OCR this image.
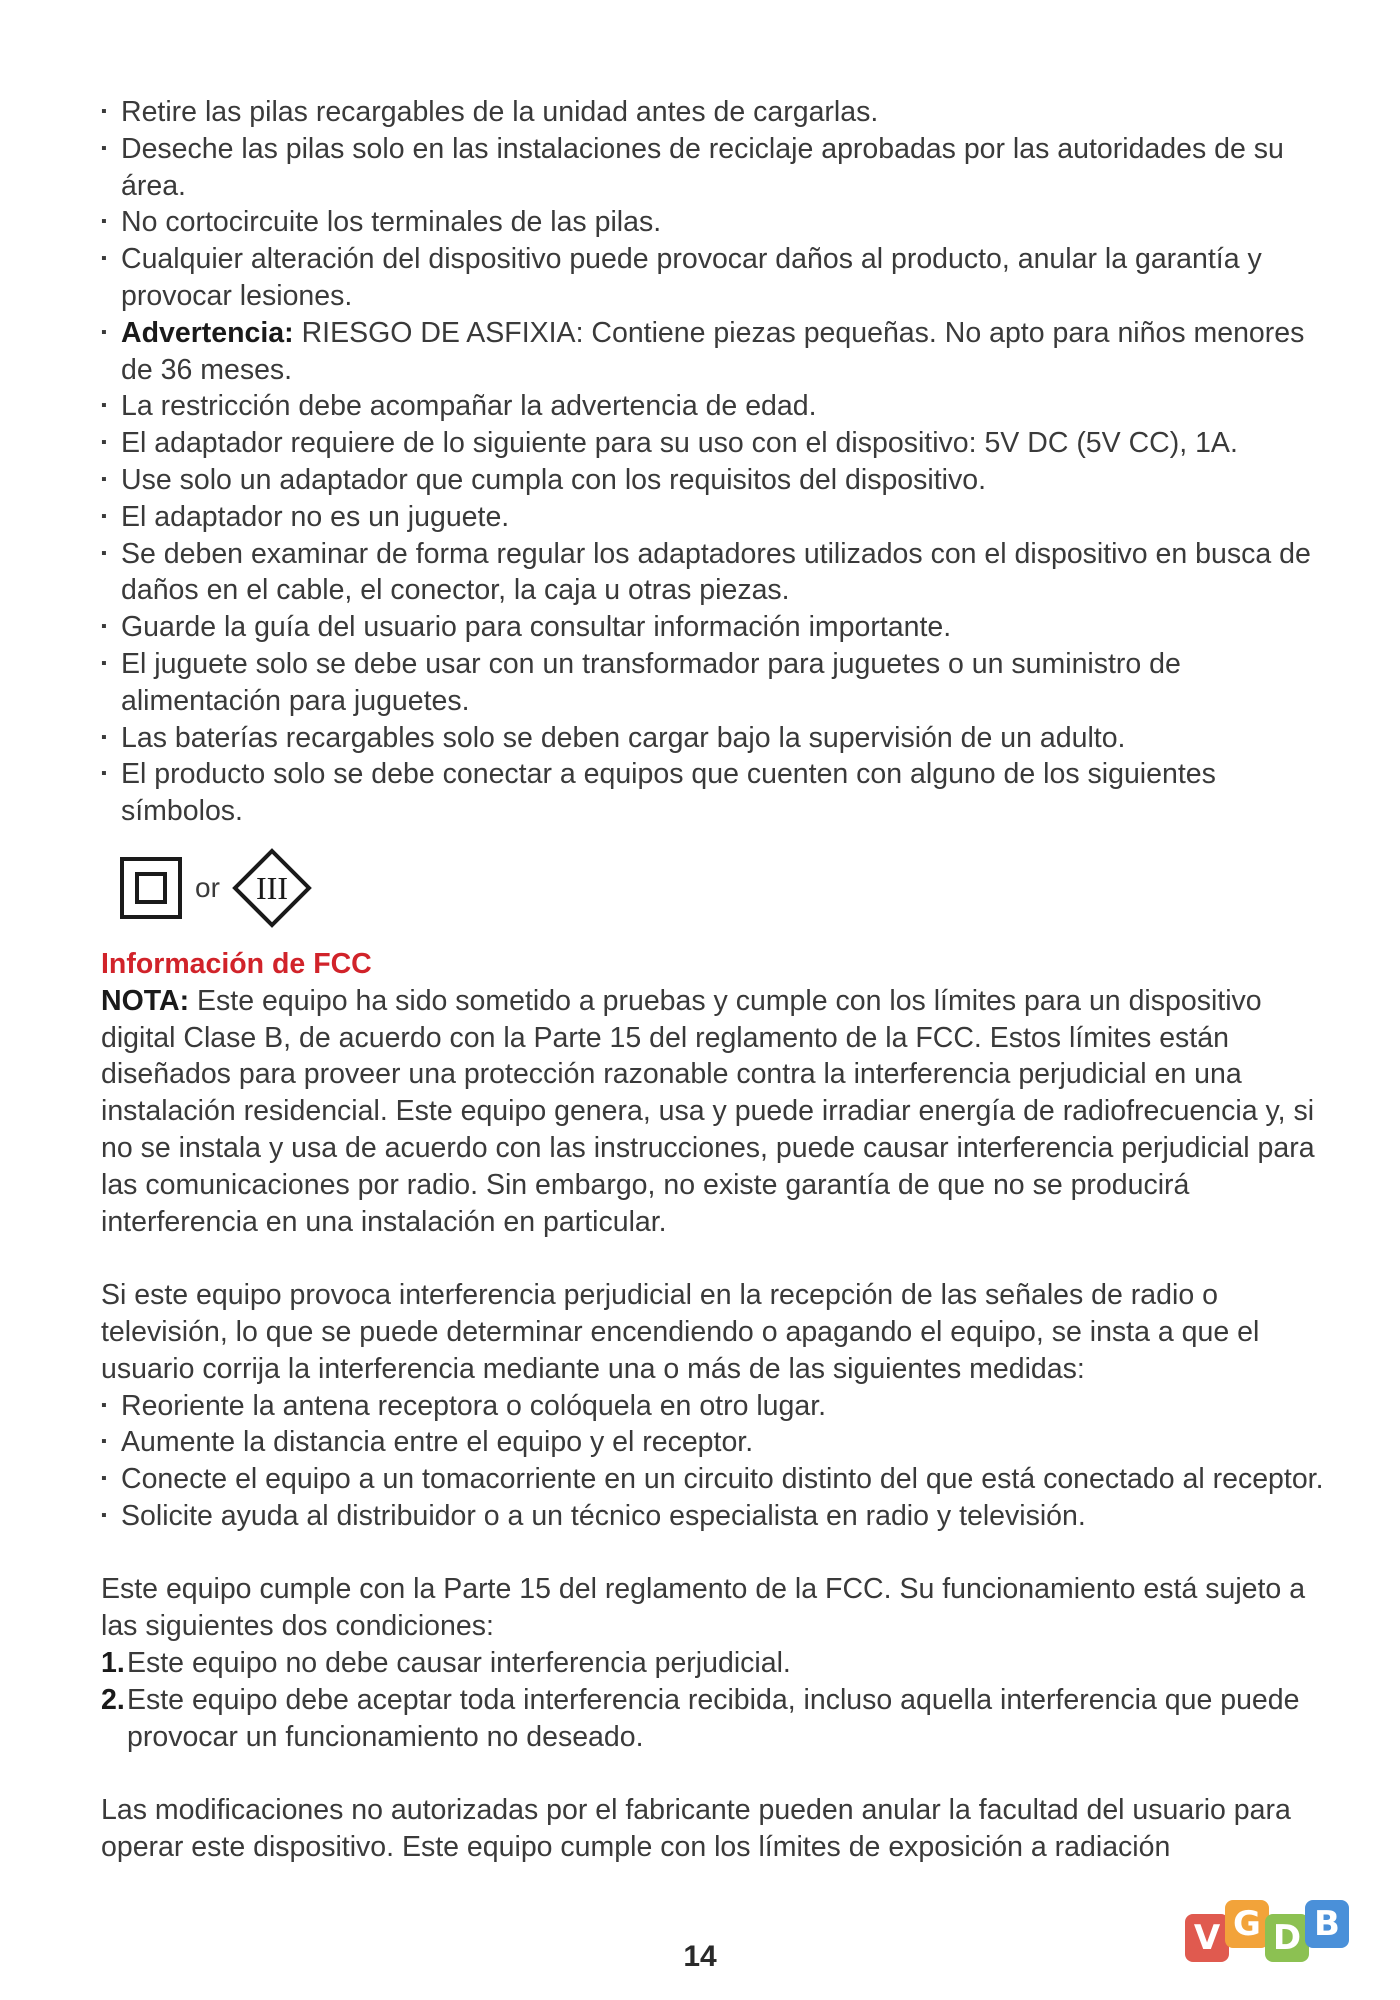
▪ Retire las pilas recargables de la unidad antes de cargarlas.

▪ Deseche las pilas solo en las instalaciones de reciclaje aprobadas por las autoridades de su área.

▪ No cortocircuite los terminales de las pilas.

▪ Cualquier alteración del dispositivo puede provocar daños al producto, anular la garantía y provocar lesiones.

▪ Advertencia: RIESGO DE ASFIXIA: Contiene piezas pequeñas. No apto para niños menores de 36 meses.

▪ La restricción debe acompañar la advertencia de edad.

▪ El adaptador requiere de lo siguiente para su uso con el dispositivo: 5V DC (5V CC), 1A.

▪ Use solo un adaptador que cumpla con los requisitos del dispositivo.

▪ El adaptador no es un juguete.

▪ Se deben examinar de forma regular los adaptadores utilizados con el dispositivo en busca de daños en el cable, el conector, la caja u otras piezas.

▪ Guarde la guía del usuario para consultar información importante.

▪ El juguete solo se debe usar con un transformador para juguetes o un suministro de alimentación para juguetes.

▪ Las baterías recargables solo se deben cargar bajo la supervisión de un adulto.

▪ El producto solo se debe conectar a equipos que cuenten con alguno de los siguientes símbolos.

or III

Información de FCC

NOTA: Este equipo ha sido sometido a pruebas y cumple con los límites para un dispositivo digital Clase B, de acuerdo con la Parte 15 del reglamento de la FCC. Estos límites están diseñados para proveer una protección razonable contra la interferencia perjudicial en una instalación residencial. Este equipo genera, usa y puede irradiar energía de radiofrecuencia y, si no se instala y usa de acuerdo con las instrucciones, puede causar interferencia perjudicial para las comunicaciones por radio. Sin embargo, no existe garantía de que no se producirá interferencia en una instalación en particular.

Si este equipo provoca interferencia perjudicial en la recepción de las señales de radio o televisión, lo que se puede determinar encendiendo o apagando el equipo, se insta a que el usuario corrija la interferencia mediante una o más de las siguientes medidas:

▪ Reoriente la antena receptora o colóquela en otro lugar.

▪ Aumente la distancia entre el equipo y el receptor.

▪ Conecte el equipo a un tomacorriente en un circuito distinto del que está conectado al receptor.

▪ Solicite ayuda al distribuidor o a un técnico especialista en radio y televisión.

Este equipo cumple con la Parte 15 del reglamento de la FCC. Su funcionamiento está sujeto a las siguientes dos condiciones:

1. Este equipo no debe causar interferencia perjudicial.

2. Este equipo debe aceptar toda interferencia recibida, incluso aquella interferencia que puede provocar un funcionamiento no deseado.

Las modificaciones no autorizadas por el fabricante pueden anular la facultad del usuario para operar este dispositivo. Este equipo cumple con los límites de exposición a radiación

14	V G D B
